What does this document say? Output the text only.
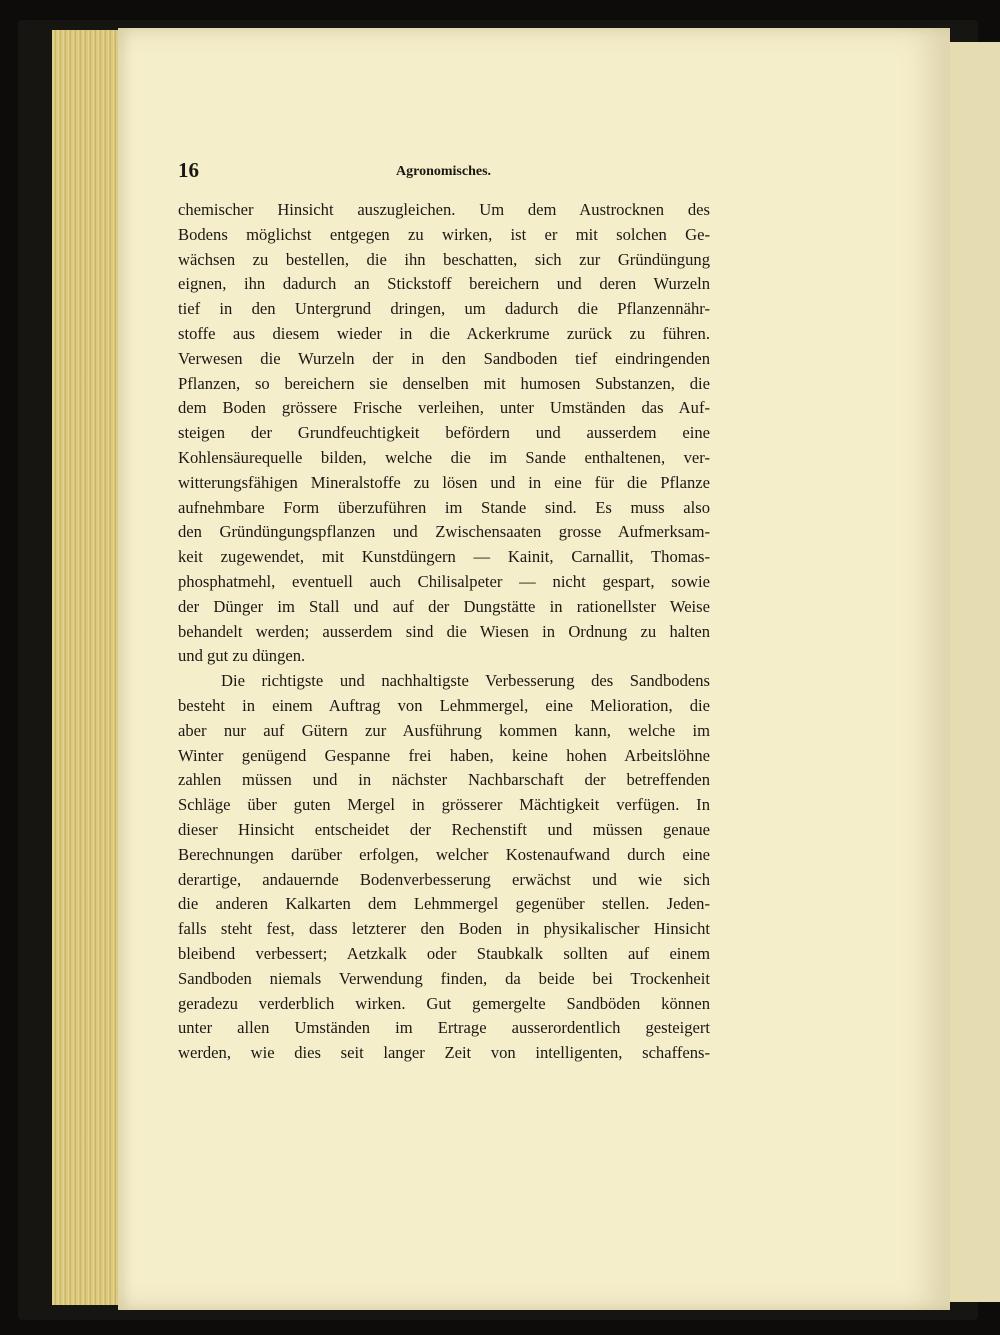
16	Agronomisches.
chemischer Hinsicht auszugleichen. Um dem Austrocknen des
Bodens möglichst entgegen zu wirken, ist er mit solchen Ge-
wächsen zu bestellen, die ihn beschatten, sich zur Gründüngung
eignen, ihn dadurch an Stickstoff bereichern und deren Wurzeln
tief in den Untergrund dringen, um dadurch die Pflanzennähr-
stoffe aus diesem wieder in die Ackerkrume zurück zu führen.
Verwesen die Wurzeln der in den Sandboden tief eindringenden
Pflanzen, so bereichern sie denselben mit humosen Substanzen, die
dem Boden grössere Frische verleihen, unter Umständen das Auf-
steigen der Grundfeuchtigkeit befördern und ausserdem eine
Kohlensäurequelle bilden, welche die im Sande enthaltenen, ver-
witterungsfähigen Mineralstoffe zu lösen und in eine für die Pflanze
aufnehmbare Form überzuführen im Stande sind. Es muss also
den Gründüngungspflanzen und Zwischensaaten grosse Aufmerksam-
keit zugewendet, mit Kunstdüngern — Kainit, Carnallit, Thomas-
phosphatmehl, eventuell auch Chilisalpeter — nicht gespart, sowie
der Dünger im Stall und auf der Dungstätte in rationellster Weise
behandelt werden; ausserdem sind die Wiesen in Ordnung zu halten
und gut zu düngen.
Die richtigste und nachhaltigste Verbesserung des Sandbodens
besteht in einem Auftrag von Lehmmergel, eine Melioration, die
aber nur auf Gütern zur Ausführung kommen kann, welche im
Winter genügend Gespanne frei haben, keine hohen Arbeitslöhne
zahlen müssen und in nächster Nachbarschaft der betreffenden
Schläge über guten Mergel in grösserer Mächtigkeit verfügen. In
dieser Hinsicht entscheidet der Rechenstift und müssen genaue
Berechnungen darüber erfolgen, welcher Kostenaufwand durch eine
derartige, andauernde Bodenverbesserung erwächst und wie sich
die anderen Kalkarten dem Lehmmergel gegenüber stellen. Jeden-
falls steht fest, dass letzterer den Boden in physikalischer Hinsicht
bleibend verbessert; Aetzkalk oder Staubkalk sollten auf einem
Sandboden niemals Verwendung finden, da beide bei Trockenheit
geradezu verderblich wirken. Gut gemergelte Sandböden können
unter allen Umständen im Ertrage ausserordentlich gesteigert
werden, wie dies seit langer Zeit von intelligenten, schaffens-
